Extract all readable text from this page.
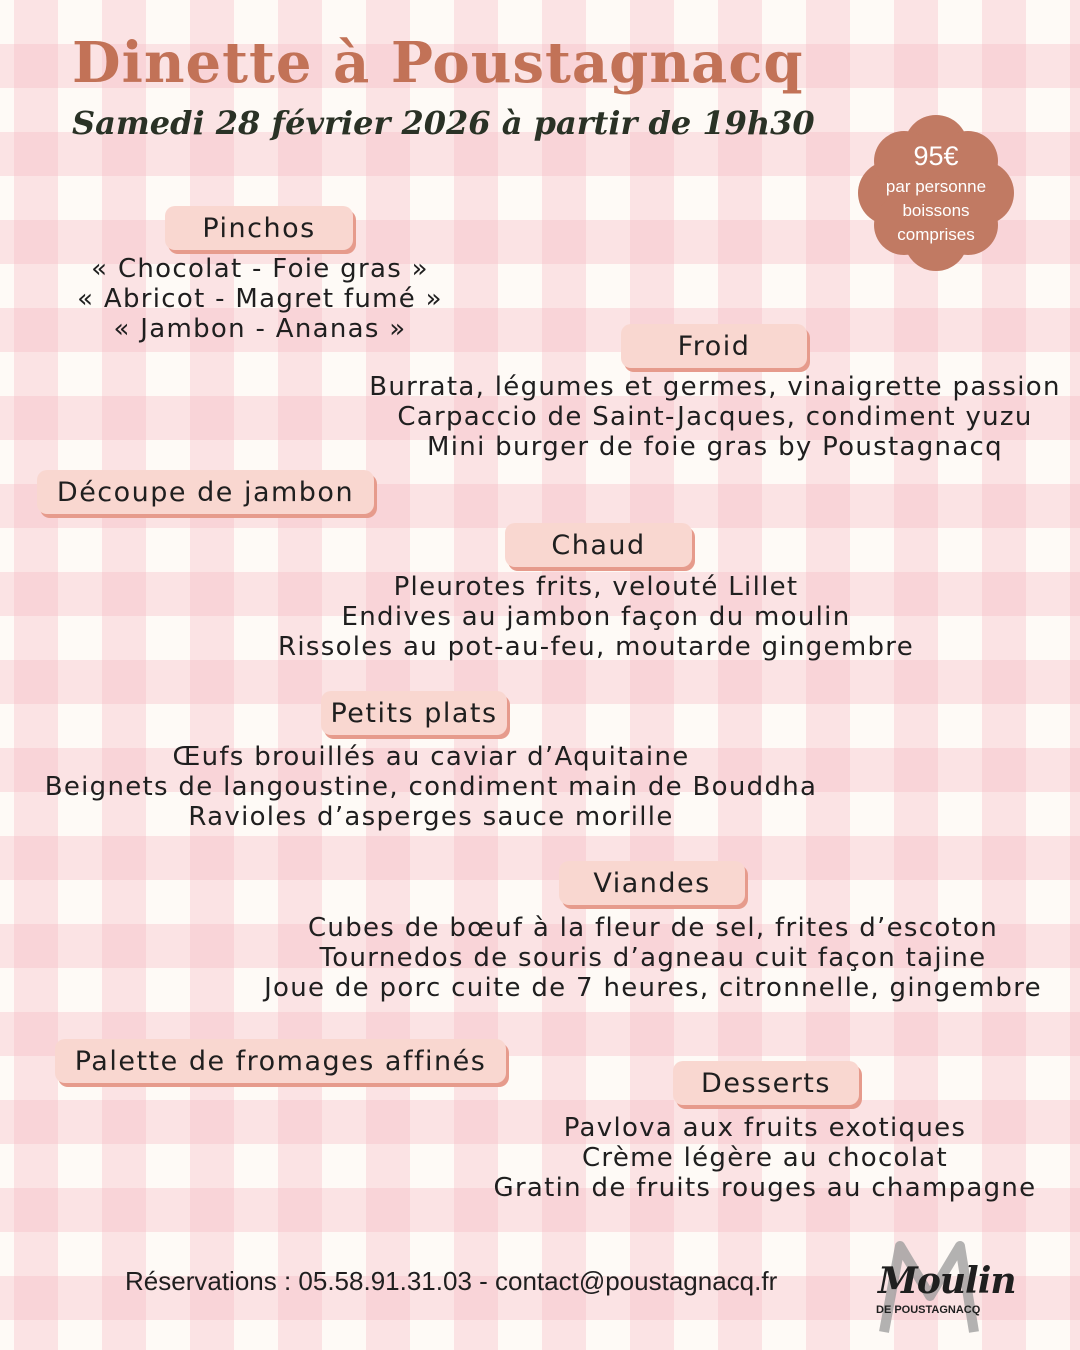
Dinette à Poustagnacq
Samedi 28 février 2026 à partir de 19h30
95€
par personne
boissons
comprises
Pinchos
« Chocolat - Foie gras »
« Abricot - Magret fumé »
« Jambon - Ananas »
Froid
Burrata, légumes et germes, vinaigrette passion
Carpaccio de Saint-Jacques, condiment yuzu
Mini burger de foie gras by Poustagnacq
Découpe de jambon
Chaud
Pleurotes frits, velouté Lillet
Endives au jambon façon du moulin
Rissoles au pot-au-feu, moutarde gingembre
Petits plats
Œufs brouillés au caviar d’Aquitaine
Beignets de langoustine, condiment main de Bouddha
Ravioles d’asperges sauce morille
Viandes
Cubes de bœuf à la fleur de sel, frites d’escoton
Tournedos de souris d’agneau cuit façon tajine
Joue de porc cuite de 7 heures, citronnelle, gingembre
Palette de fromages affinés
Desserts
Pavlova aux fruits exotiques
Crème légère au chocolat
Gratin de fruits rouges au champagne
Réservations : 05.58.91.31.03 - contact@poustagnacq.fr	Moulin
DE POUSTAGNACQ
